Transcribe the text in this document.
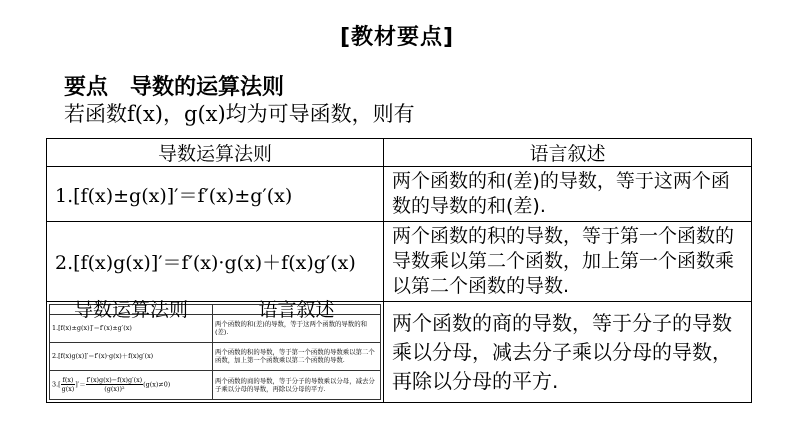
[教材要点]
要点 导数的运算法则
若函数f(x)，g(x)均为可导函数，则有
导数运算法则	语言叙述
1.[f(x)±g(x)]′＝f′(x)±g′(x)	两个函数的和(差)的导数，等于这两个函数的导数的和(差).
2.[f(x)g(x)]′＝f′(x)·g(x)＋f(x)g′(x)	两个函数的积的导数，等于第一个函数的导数乘以第二个函数，加上第一个函数乘以第二个函数的导数.

导数运算法则	语言叙述
1.[f(x)±g(x)]′＝f′(x)±g′(x)	两个函数的和(差)的导数，等于这两个函数的导数的和(差).
2.[f(x)g(x)]′＝f′(x)·g(x)＋f(x)g′(x)	两个函数的积的导数，等于第一个函数的导数乘以第二个函数，加上第一个函数乘以第二个函数的导数.
$3.[ \frac{f(x)}{g(x)}$ ]′＝ $\frac{f'(x)g(x)-f(x)g'(x)}{\text{(g(x))²}} (g(x)\ne 0)$	两个函数的商的导数，等于分子的导数乘以分母，减去分子乘以分母的导数，再除以分母的平方.
	两个函数的商的导数，等于分子的导数乘以分母，减去分子乘以分母的导数，再除以分母的平方.
